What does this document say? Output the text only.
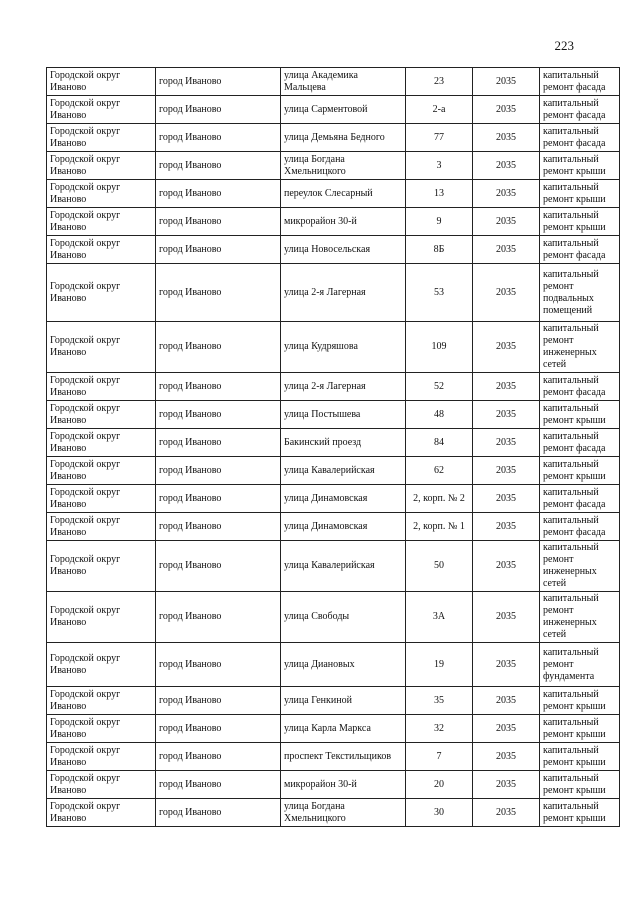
223
Городской округ Иваново	город Иваново	улица Академика Мальцева	23	2035	капитальный ремонт фасада
Городской округ Иваново	город Иваново	улица Сарментовой	2-а	2035	капитальный ремонт фасада
Городской округ Иваново	город Иваново	улица Демьяна Бедного	77	2035	капитальный ремонт фасада
Городской округ Иваново	город Иваново	улица Богдана Хмельницкого	3	2035	капитальный ремонт крыши
Городской округ Иваново	город Иваново	переулок Слесарный	13	2035	капитальный ремонт крыши
Городской округ Иваново	город Иваново	микрорайон 30-й	9	2035	капитальный ремонт крыши
Городской округ Иваново	город Иваново	улица Новосельская	8Б	2035	капитальный ремонт фасада
Городской округ Иваново	город Иваново	улица 2-я Лагерная	53	2035	капитальный ремонт подвальных помещений
Городской округ Иваново	город Иваново	улица Кудряшова	109	2035	капитальный ремонт инженерных сетей
Городской округ Иваново	город Иваново	улица 2-я Лагерная	52	2035	капитальный ремонт фасада
Городской округ Иваново	город Иваново	улица Постышева	48	2035	капитальный ремонт крыши
Городской округ Иваново	город Иваново	Бакинский проезд	84	2035	капитальный ремонт фасада
Городской округ Иваново	город Иваново	улица Кавалерийская	62	2035	капитальный ремонт крыши
Городской округ Иваново	город Иваново	улица Динамовская	2, корп. № 2	2035	капитальный ремонт фасада
Городской округ Иваново	город Иваново	улица Динамовская	2, корп. № 1	2035	капитальный ремонт фасада
Городской округ Иваново	город Иваново	улица Кавалерийская	50	2035	капитальный ремонт инженерных сетей
Городской округ Иваново	город Иваново	улица Свободы	3А	2035	капитальный ремонт инженерных сетей
Городской округ Иваново	город Иваново	улица Диановых	19	2035	капитальный ремонт фундамента
Городской округ Иваново	город Иваново	улица Генкиной	35	2035	капитальный ремонт крыши
Городской округ Иваново	город Иваново	улица Карла Маркса	32	2035	капитальный ремонт крыши
Городской округ Иваново	город Иваново	проспект Текстильщиков	7	2035	капитальный ремонт крыши
Городской округ Иваново	город Иваново	микрорайон 30-й	20	2035	капитальный ремонт крыши
Городской округ Иваново	город Иваново	улица Богдана Хмельницкого	30	2035	капитальный ремонт крыши
